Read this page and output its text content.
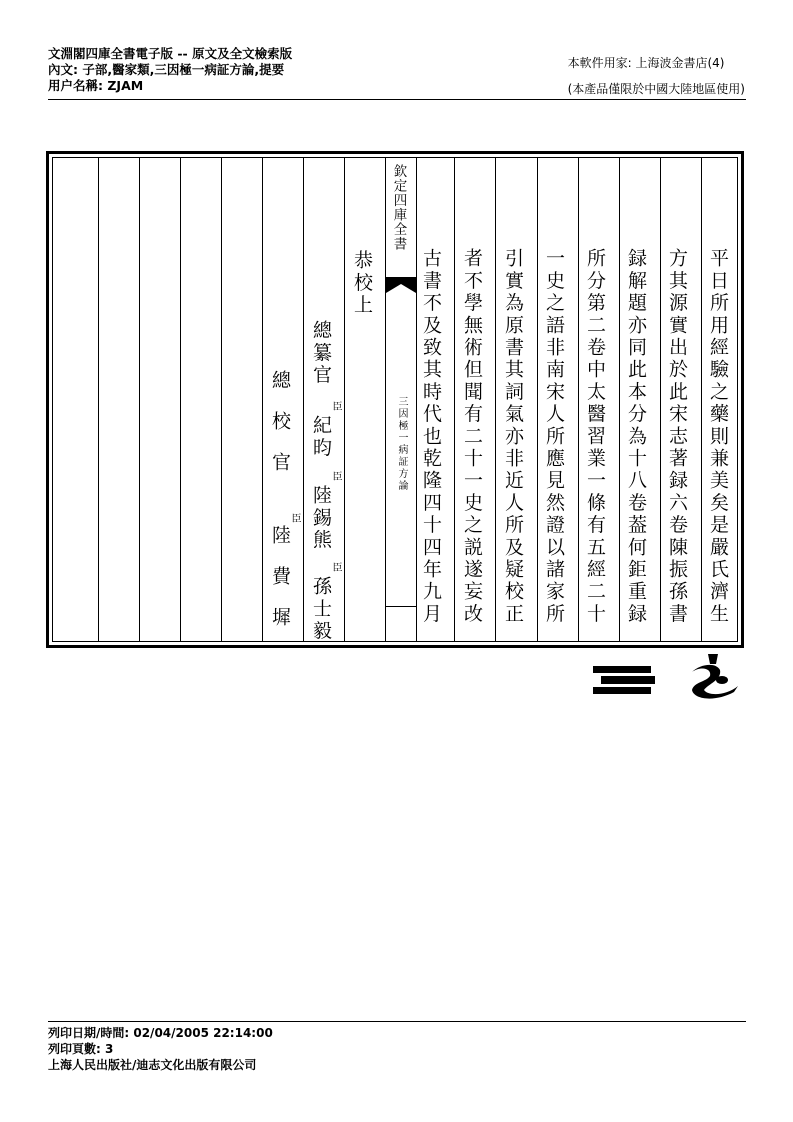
文淵閣四庫全書電子版 -- 原文及全文檢索版
內文: 子部,醫家類,三因極一病証方論,提要
用户名稱: ZJAM
本軟件用家: 上海波金書店(4)
(本產品僅限於中國大陸地區使用)
平日所用經驗之藥則兼美矣是嚴氏濟生
方其源實出於此宋志著録六卷陳振孫書
録解題亦同此本分為十八卷葢何鉅重録
所分第二卷中太醫習業一條有五經二十
一史之語非南宋人所應見然證以諸家所
引實為原書其詞氣亦非近人所及疑校正
者不學無術但聞有二十一史之説遂妄改
古書不及致其時代也乾隆四十四年九月
欽定四庫全書
三因極一病証方論
恭校上
總纂官
臣
紀昀
臣
陸錫熊
臣
孫士毅
總校官
臣
陸費墀
列印日期/時間: 02/04/2005 22:14:00
列印頁數: 3
上海人民出版社/迪志文化出版有限公司
